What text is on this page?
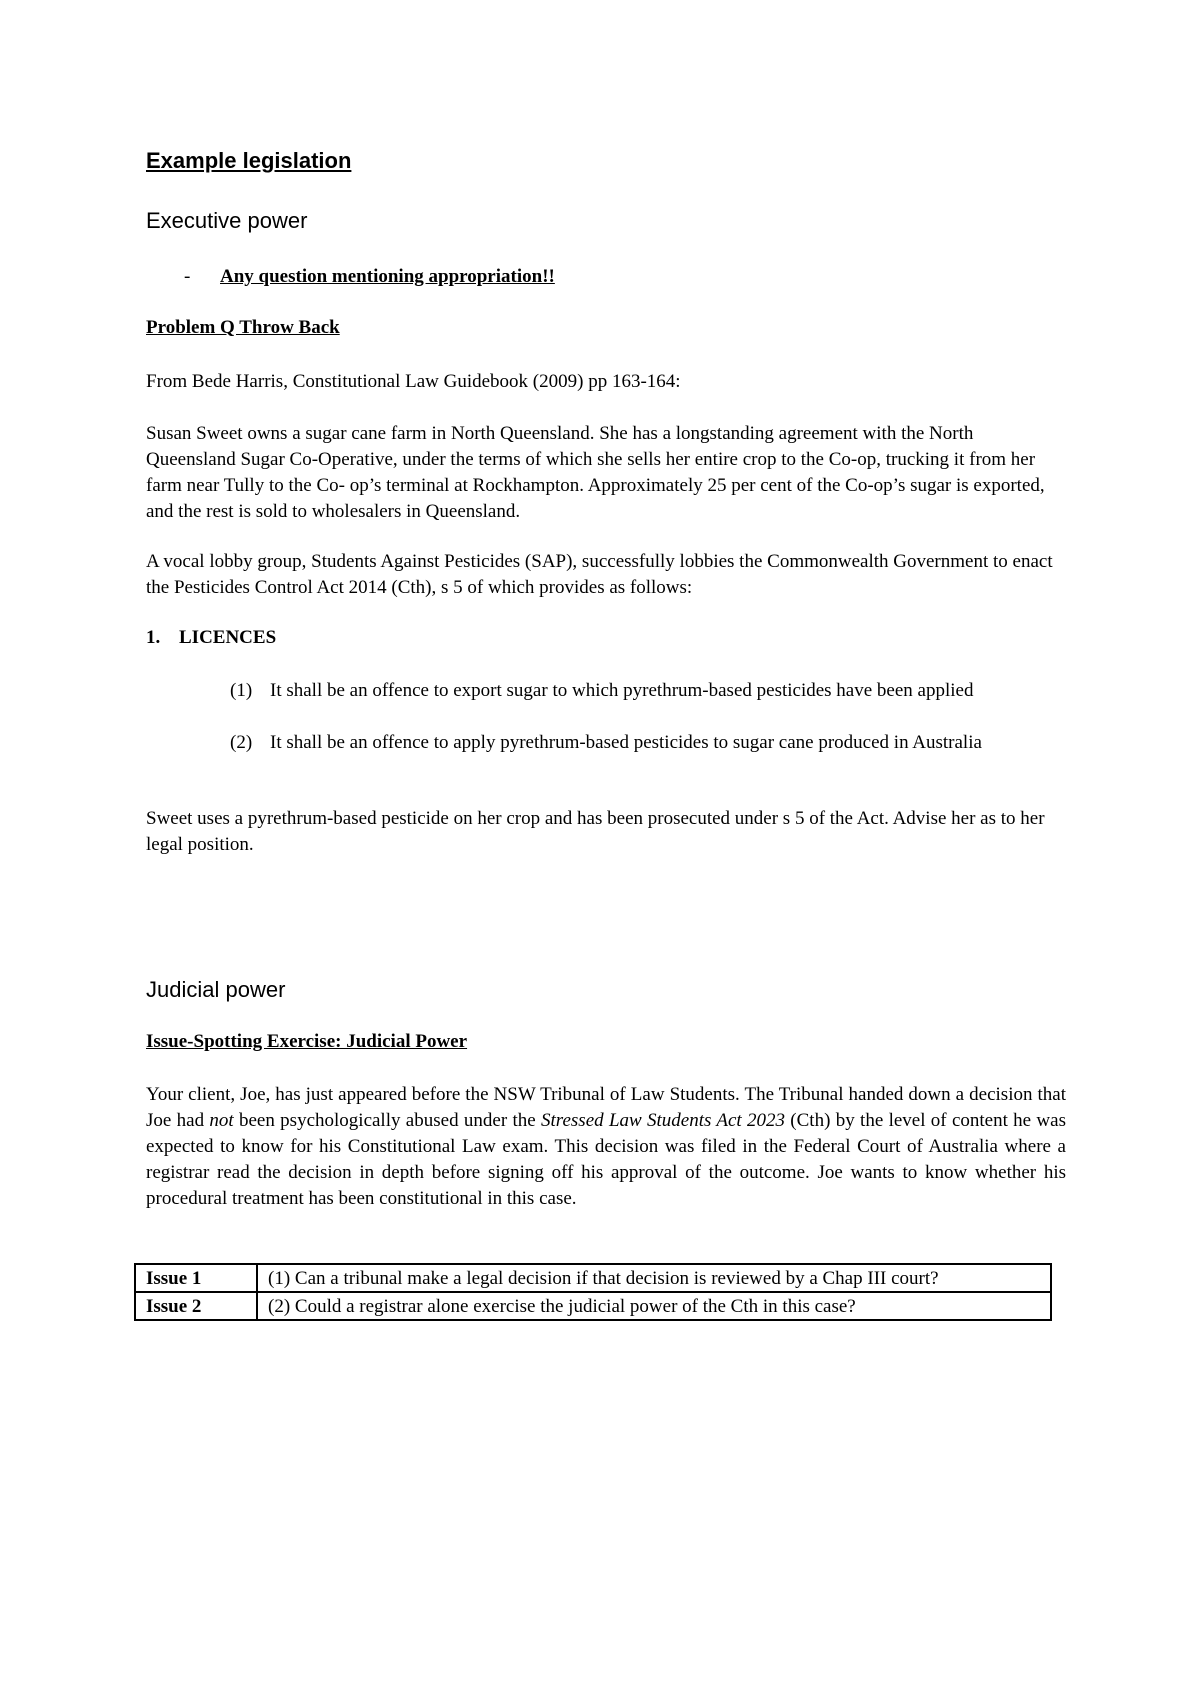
Example legislation
Executive power
- Any question mentioning appropriation!!
Problem Q Throw Back
From Bede Harris, Constitutional Law Guidebook (2009) pp 163-164:
Susan Sweet owns a sugar cane farm in North Queensland. She has a longstanding agreement with the North Queensland Sugar Co-Operative, under the terms of which she sells her entire crop to the Co-op, trucking it from her farm near Tully to the Co- op’s terminal at Rockhampton. Approximately 25 per cent of the Co-op’s sugar is exported, and the rest is sold to wholesalers in Queensland.
A vocal lobby group, Students Against Pesticides (SAP), successfully lobbies the Commonwealth Government to enact the Pesticides Control Act 2014 (Cth), s 5 of which provides as follows:
1. LICENCES
(1) It shall be an offence to export sugar to which pyrethrum-based pesticides have been applied
(2) It shall be an offence to apply pyrethrum-based pesticides to sugar cane produced in Australia
Sweet uses a pyrethrum-based pesticide on her crop and has been prosecuted under s 5 of the Act. Advise her as to her legal position.
Judicial power
Issue-Spotting Exercise: Judicial Power
Your client, Joe, has just appeared before the NSW Tribunal of Law Students. The Tribunal handed down a decision that Joe had not been psychologically abused under the Stressed Law Students Act 2023 (Cth) by the level of content he was expected to know for his Constitutional Law exam. This decision was filed in the Federal Court of Australia where a registrar read the decision in depth before signing off his approval of the outcome. Joe wants to know whether his procedural treatment has been constitutional in this case.
Issue 1	(1) Can a tribunal make a legal decision if that decision is reviewed by a Chap III court?
Issue 2	(2) Could a registrar alone exercise the judicial power of the Cth in this case?
